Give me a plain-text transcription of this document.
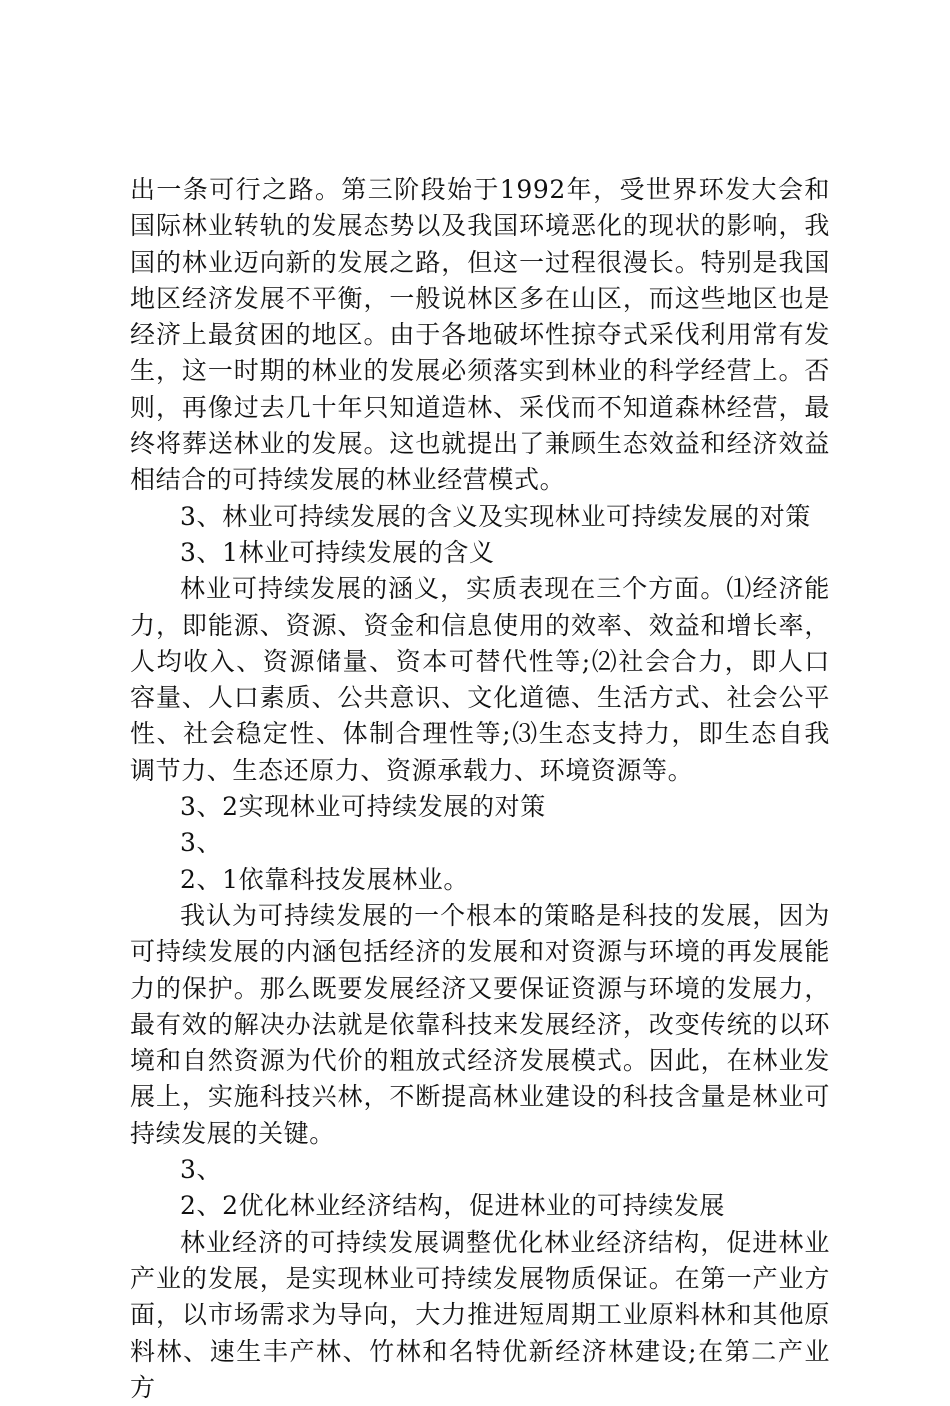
出一条可行之路。第三阶段始于1992年，受世界环发大会和国际林业转轨的发展态势以及我国环境恶化的现状的影响，我国的林业迈向新的发展之路，但这一过程很漫长。特别是我国地区经济发展不平衡，一般说林区多在山区，而这些地区也是经济上最贫困的地区。由于各地破坏性掠夺式采伐利用常有发生，这一时期的林业的发展必须落实到林业的科学经营上。否则，再像过去几十年只知道造林、采伐而不知道森林经营，最终将葬送林业的发展。这也就提出了兼顾生态效益和经济效益相结合的可持续发展的林业经营模式。

3、林业可持续发展的含义及实现林业可持续发展的对策

3、1林业可持续发展的含义

林业可持续发展的涵义，实质表现在三个方面。⑴经济能力，即能源、资源、资金和信息使用的效率、效益和增长率，人均收入、资源储量、资本可替代性等;⑵社会合力，即人口容量、人口素质、公共意识、文化道德、生活方式、社会公平性、社会稳定性、体制合理性等;⑶生态支持力，即生态自我调节力、生态还原力、资源承载力、环境资源等。

3、2实现林业可持续发展的对策

3、

2、1依靠科技发展林业。

我认为可持续发展的一个根本的策略是科技的发展，因为可持续发展的内涵包括经济的发展和对资源与环境的再发展能力的保护。那么既要发展经济又要保证资源与环境的发展力，最有效的解决办法就是依靠科技来发展经济，改变传统的以环境和自然资源为代价的粗放式经济发展模式。因此，在林业发展上，实施科技兴林，不断提高林业建设的科技含量是林业可持续发展的关键。

3、

2、2优化林业经济结构，促进林业的可持续发展

林业经济的可持续发展调整优化林业经济结构，促进林业产业的发展，是实现林业可持续发展物质保证。在第一产业方面，以市场需求为导向，大力推进短周期工业原料林和其他原料林、速生丰产林、竹林和名特优新经济林建设;在第二产业方
